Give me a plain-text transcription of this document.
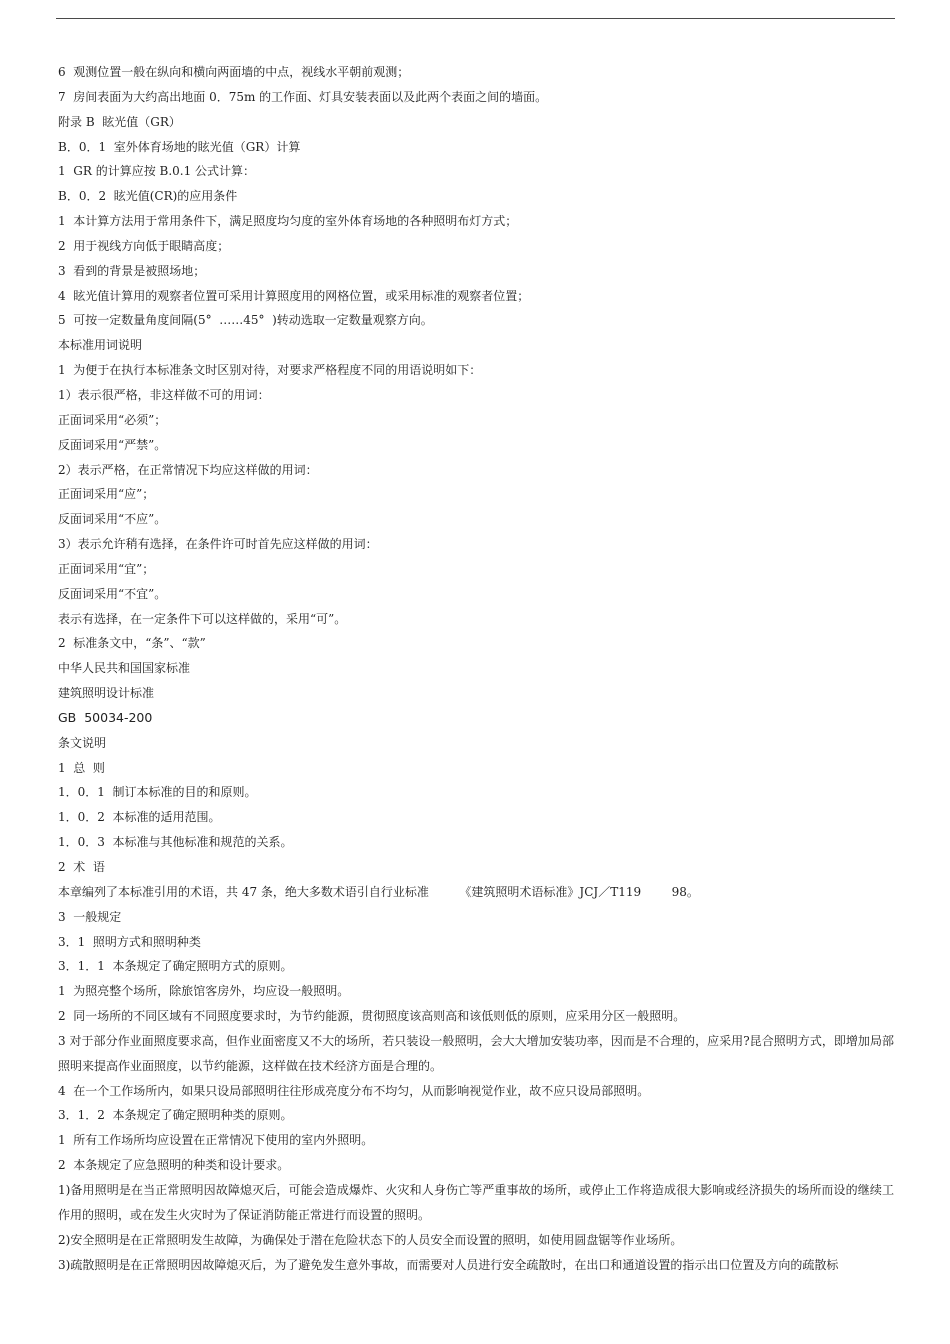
6  观测位置一般在纵向和横向两面墙的中点，视线水平朝前观测；
7  房间表面为大约高出地面 0．75m 的工作面、灯具安装表面以及此两个表面之间的墙面。
附录 B  眩光值（GR）
B．0．1  室外体育场地的眩光值（GR）计算
1  GR 的计算应按 B.0.1 公式计算：
B．0．2  眩光值(CR)的应用条件
1  本计算方法用于常用条件下，满足照度均匀度的室外体育场地的各种照明布灯方式；
2  用于视线方向低于眼睛高度；
3  看到的背景是被照场地；
4  眩光值计算用的观察者位置可采用计算照度用的网格位置，或采用标准的观察者位置；
5  可按一定数量角度间隔(5°  ……45°  )转动选取一定数量观察方向。
本标准用词说明
1  为便于在执行本标准条文时区别对待，对要求严格程度不同的用语说明如下：
1）表示很严格，非这样做不可的用词：
正面词采用“必须”；
反面词采用“严禁”。
2）表示严格，在正常情况下均应这样做的用词：
正面词采用“应”；
反面词采用“不应”。
3）表示允许稍有选择，在条件许可时首先应这样做的用词：
正面词采用“宜”；
反面词采用“不宜”。
表示有选择，在一定条件下可以这样做的，采用“可”。
2  标准条文中，“条”、“款”
中华人民共和国国家标准
建筑照明设计标准
GB  50034-200
条文说明
1  总  则
1．0．1  制订本标准的目的和原则。
1．0．2  本标准的适用范围。
1．0．3  本标准与其他标准和规范的关系。
2  术  语
本章编列了本标准引用的术语，共 47 条，绝大多数术语引自行业标准        《建筑照明术语标准》JCJ／T119        98。
3  一般规定
3．1  照明方式和照明种类
3．1．1  本条规定了确定照明方式的原则。
1  为照亮整个场所，除旅馆客房外，均应设一般照明。
2  同一场所的不同区域有不同照度要求时，为节约能源，贯彻照度该高则高和该低则低的原则，应采用分区一般照明。
3 对于部分作业面照度要求高，但作业面密度又不大的场所，若只装设一般照明，会大大增加安装功率，因而是不合理的，应采用?昆合照明方式，即增加局部照明来提高作业面照度，以节约能源，这样做在技术经济方面是合理的。
4  在一个工作场所内，如果只设局部照明往往形成亮度分布不均匀，从而影响视觉作业，故不应只设局部照明。
3．1．2  本条规定了确定照明种类的原则。
1  所有工作场所均应设置在正常情况下使用的室内外照明。
2  本条规定了应急照明的种类和设计要求。
1)备用照明是在当正常照明因故障熄灭后，可能会造成爆炸、火灾和人身伤亡等严重事故的场所，或停止工作将造成很大影响或经济损失的场所而设的继续工作用的照明，或在发生火灾时为了保证消防能正常进行而设置的照明。
2)安全照明是在正常照明发生故障，为确保处于潜在危险状态下的人员安全而设置的照明，如使用圆盘锯等作业场所。
3)疏散照明是在正常照明因故障熄灭后，为了避免发生意外事故，而需要对人员进行安全疏散时，在出口和通道设置的指示出口位置及方向的疏散标
